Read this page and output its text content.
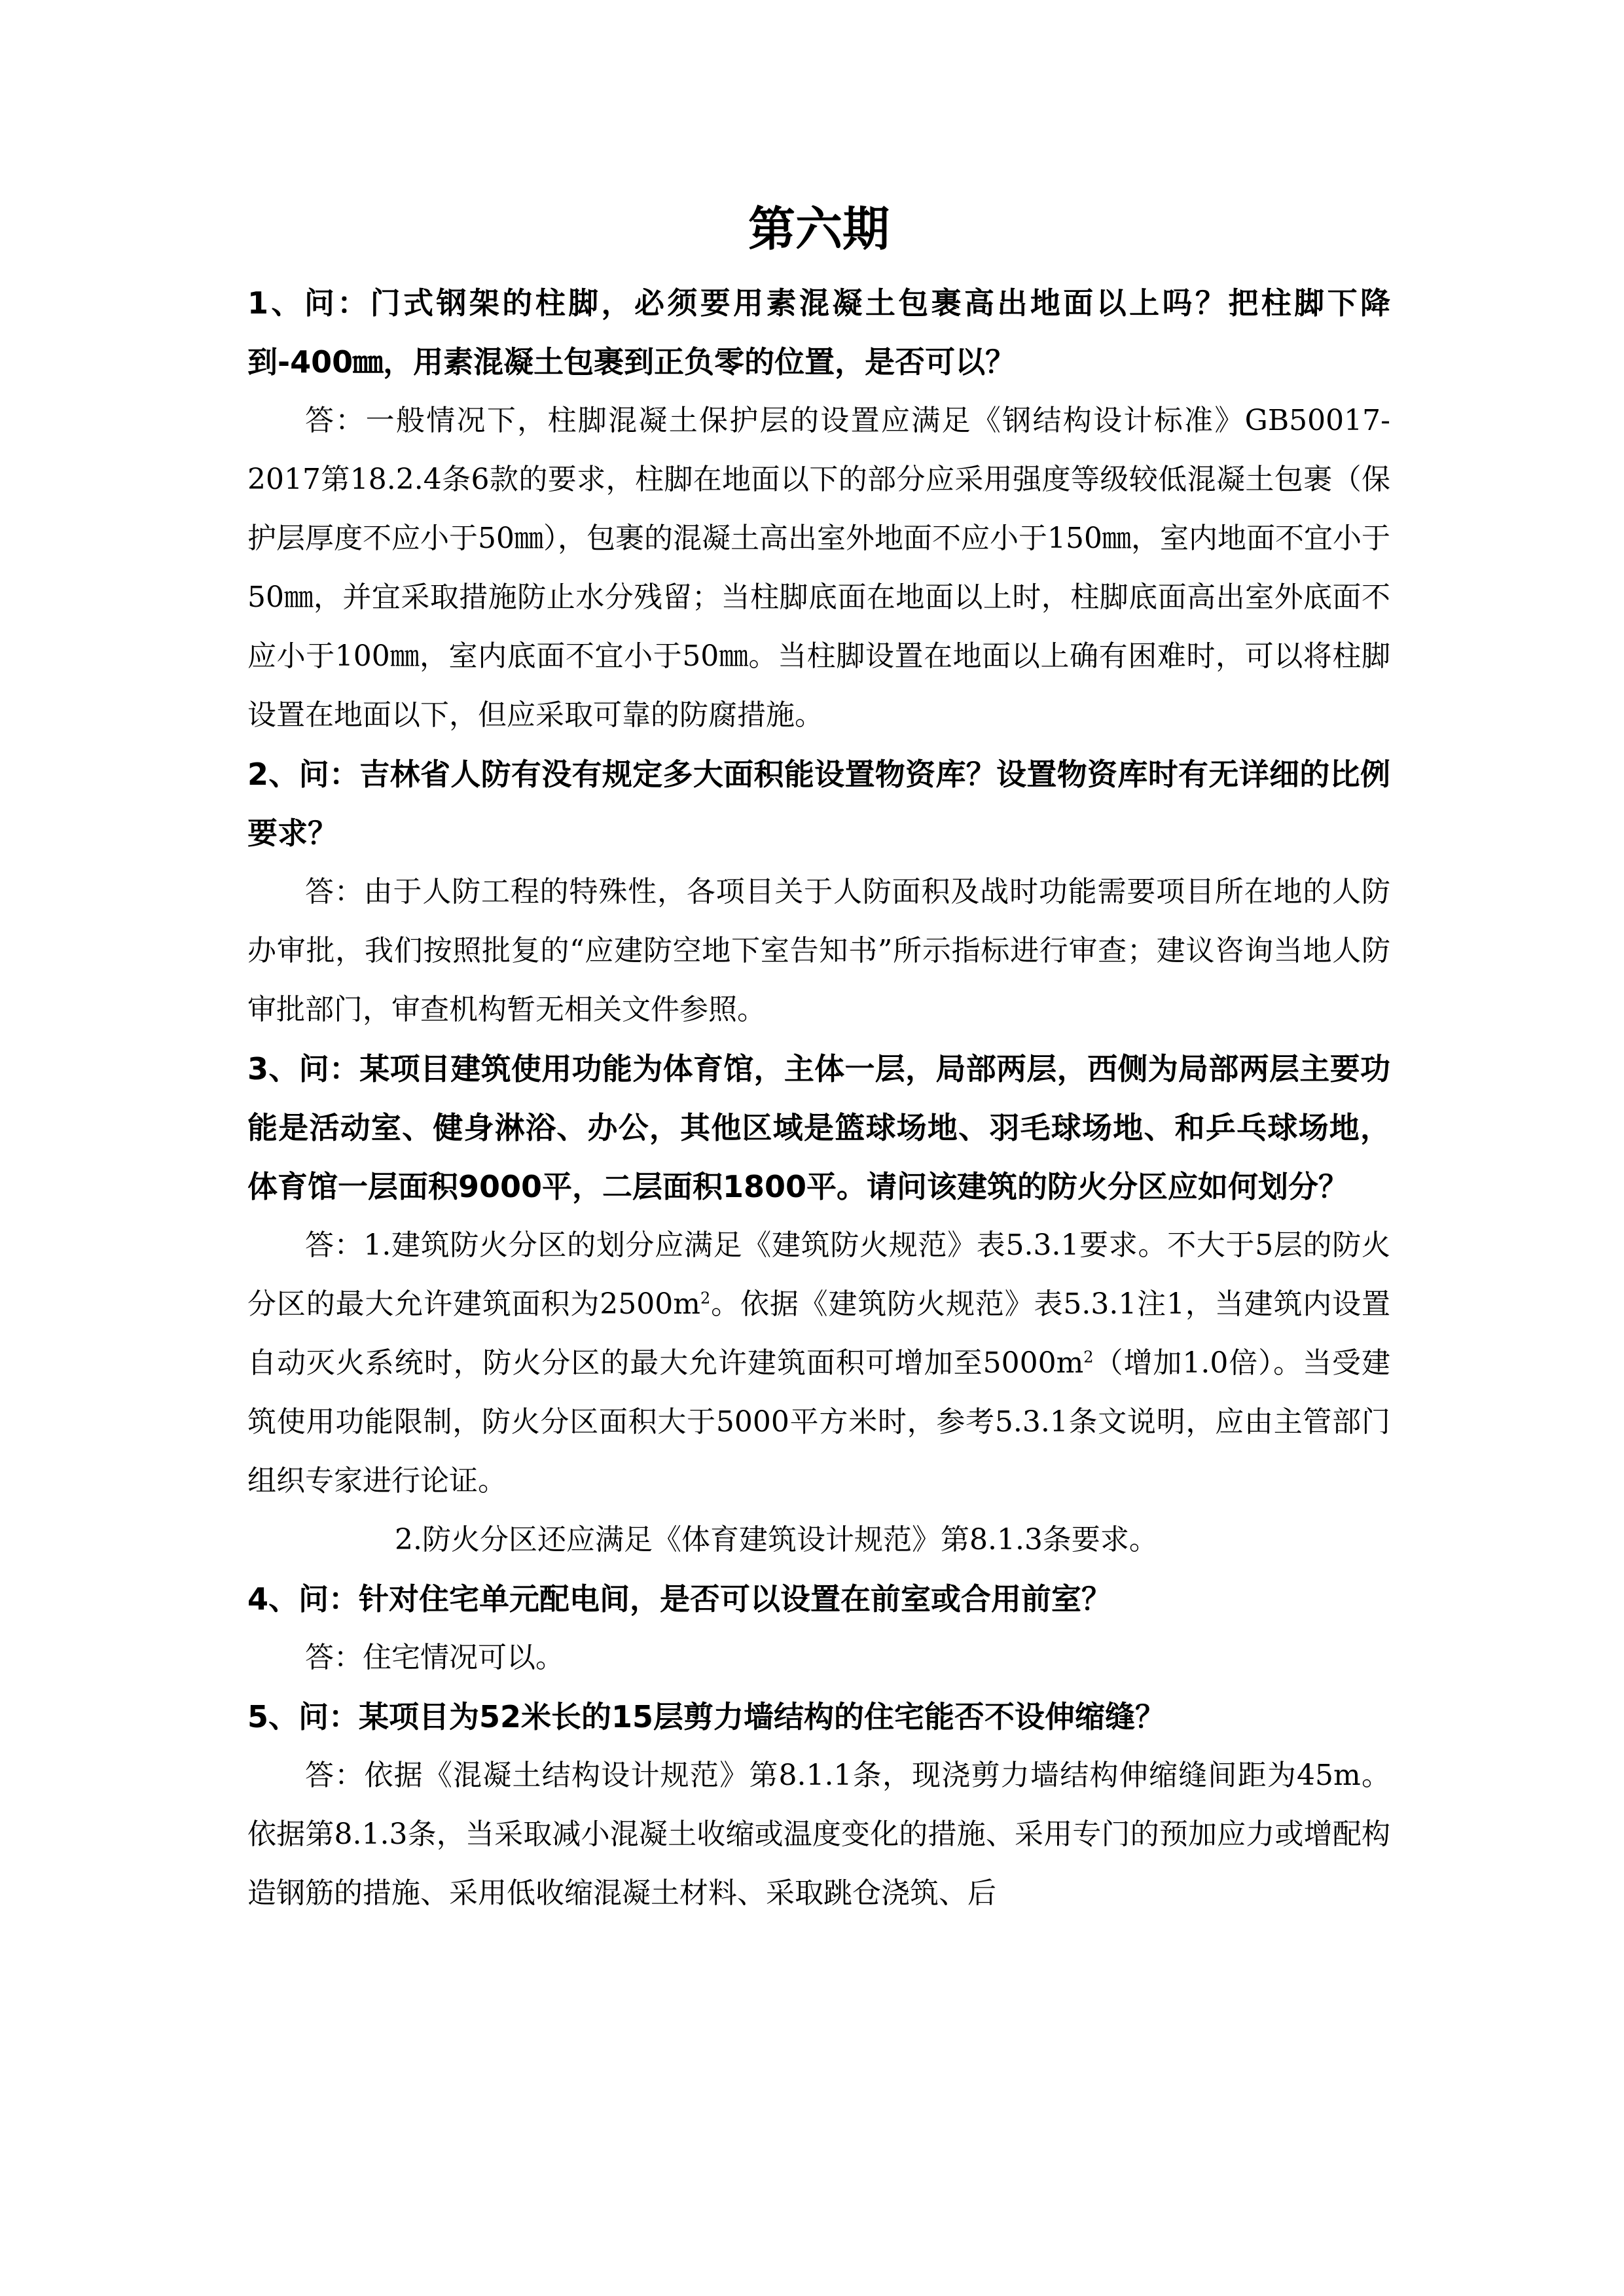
第六期

1、问：门式钢架的柱脚，必须要用素混凝土包裹高出地面以上吗？把柱脚下降到-400㎜，用素混凝土包裹到正负零的位置，是否可以？

答：一般情况下，柱脚混凝土保护层的设置应满足《钢结构设计标准》GB50017-2017第18.2.4条6款的要求，柱脚在地面以下的部分应采用强度等级较低混凝土包裹（保护层厚度不应小于50㎜），包裹的混凝土高出室外地面不应小于150㎜，室内地面不宜小于50㎜，并宜采取措施防止水分残留；当柱脚底面在地面以上时，柱脚底面高出室外底面不应小于100㎜，室内底面不宜小于50㎜。当柱脚设置在地面以上确有困难时，可以将柱脚设置在地面以下，但应采取可靠的防腐措施。

2、问：吉林省人防有没有规定多大面积能设置物资库？设置物资库时有无详细的比例要求？

答：由于人防工程的特殊性，各项目关于人防面积及战时功能需要项目所在地的人防办审批，我们按照批复的“应建防空地下室告知书”所示指标进行审查；建议咨询当地人防审批部门，审查机构暂无相关文件参照。

3、问：某项目建筑使用功能为体育馆，主体一层，局部两层，西侧为局部两层主要功能是活动室、健身淋浴、办公，其他区域是篮球场地、羽毛球场地、和乒乓球场地，体育馆一层面积9000平，二层面积1800平。请问该建筑的防火分区应如何划分？

答：1.建筑防火分区的划分应满足《建筑防火规范》表5.3.1要求。不大于5层的防火分区的最大允许建筑面积为$2500m^2$。依据《建筑防火规范》表5.3.1注1，当建筑内设置自动灭火系统时，防火分区的最大允许建筑面积可增加至$5000m^2$（增加1.0倍）。当受建筑使用功能限制，防火分区面积大于5000平方米时，参考5.3.1条文说明，应由主管部门组织专家进行论证。

2.防火分区还应满足《体育建筑设计规范》第8.1.3条要求。

4、问：针对住宅单元配电间，是否可以设置在前室或合用前室？

答：住宅情况可以。

5、问：某项目为52米长的15层剪力墙结构的住宅能否不设伸缩缝？

答：依据《混凝土结构设计规范》第8.1.1条，现浇剪力墙结构伸缩缝间距为45m。依据第8.1.3条，当采取减小混凝土收缩或温度变化的措施、采用专门的预加应力或增配构造钢筋的措施、采用低收缩混凝土材料、采取跳仓浇筑、后
